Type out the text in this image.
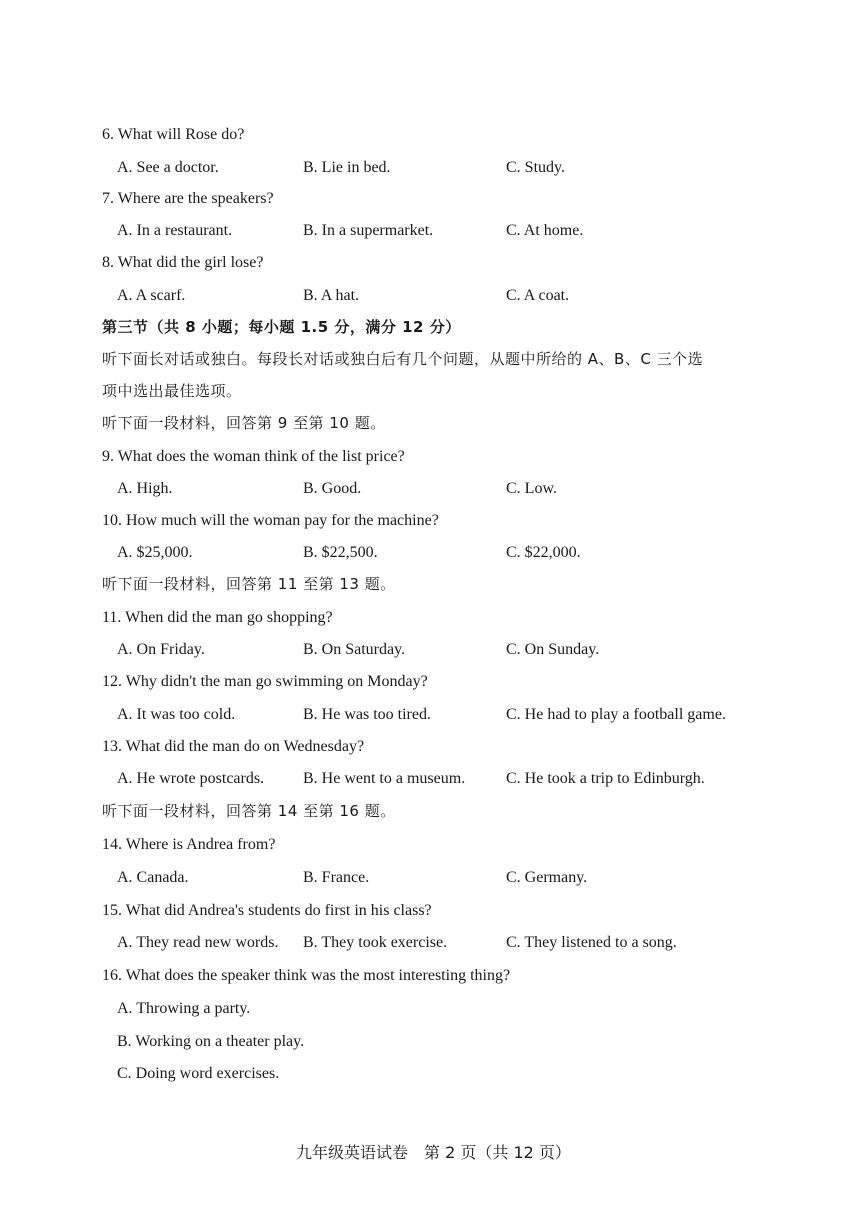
6. What will Rose do?
A. See a doctor.	B. Lie in bed.	C. Study.
7. Where are the speakers?
A. In a restaurant.	B. In a supermarket.	C. At home.
8. What did the girl lose?
A. A scarf.	B. A hat.	C. A coat.
第三节（共 8 小题；每小题 1.5 分，满分 12 分）
听下面长对话或独白。每段长对话或独白后有几个问题，从题中所给的 A、B、C 三个选
项中选出最佳选项。
听下面一段材料，回答第 9 至第 10 题。
9. What does the woman think of the list price?
A. High.	B. Good.	C. Low.
10. How much will the woman pay for the machine?
A. $25,000.	B. $22,500.	C. $22,000.
听下面一段材料，回答第 11 至第 13 题。
11. When did the man go shopping?
A. On Friday.	B. On Saturday.	C. On Sunday.
12. Why didn't the man go swimming on Monday?
A. It was too cold.	B. He was too tired.	C. He had to play a football game.
13. What did the man do on Wednesday?
A. He wrote postcards. B. He went to a museum.	C. He took a trip to Edinburgh.
听下面一段材料，回答第 14 至第 16 题。
14. Where is Andrea from?
A. Canada.	B. France.	C. Germany.
15. What did Andrea's students do first in his class?
A. They read new words. B. They took exercise.	C. They listened to a song.
16. What does the speaker think was the most interesting thing?
A. Throwing a party.
B. Working on a theater play.
C. Doing word exercises.
九年级英语试卷　第 2 页（共 12 页）
